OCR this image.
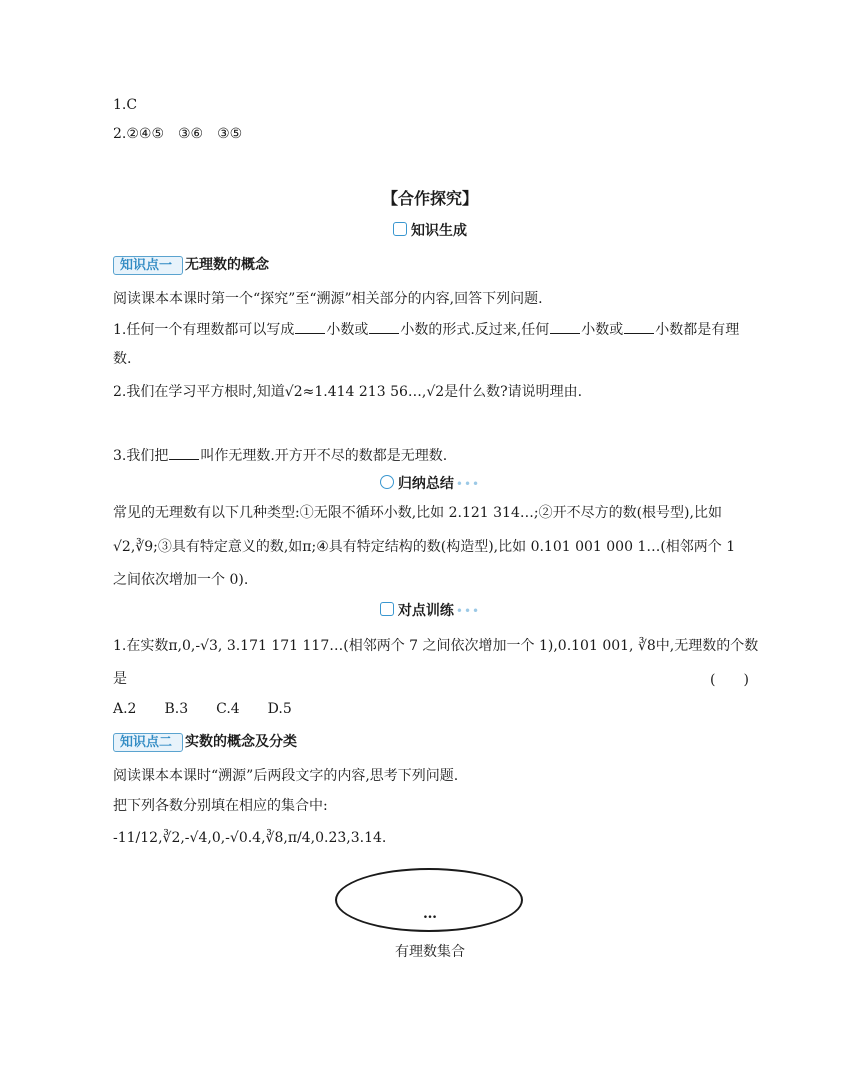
1.C
2.②④⑤　③⑥　③⑤
【合作探究】
知识生成
知识点一 无理数的概念
阅读课本本课时第一个“探究”至“溯源”相关部分的内容,回答下列问题.
1.任何一个有理数都可以写成 小数或 小数的形式.反过来,任何 小数或 小数都是有理
数.
2.我们在学习平方根时,知道√2≈1.414 213 56…,√2是什么数?请说明理由.
3.我们把 叫作无理数.开方开不尽的数都是无理数.
归纳总结 •••
常见的无理数有以下几种类型:①无限不循环小数,比如 2.121 314…;②开不尽方的数(根号型),比如
√2,∛9;③具有特定意义的数,如π;④具有特定结构的数(构造型),比如 0.101 001 000 1…(相邻两个 1
之间依次增加一个 0).
对点训练 •••
1.在实数π,0,-√3, 3.171 171 117…(相邻两个 7 之间依次增加一个 1),0.101 001, ∛8中,无理数的个数
是	(　　)
A.2　　B.3　　C.4　　D.5
知识点二 实数的概念及分类
阅读课本本课时“溯源”后两段文字的内容,思考下列问题.
把下列各数分别填在相应的集合中:
-11/12,∛2,-√4,0,-√0.4,∛8,π/4,0.2̇3̇,3.14.
…
有理数集合
